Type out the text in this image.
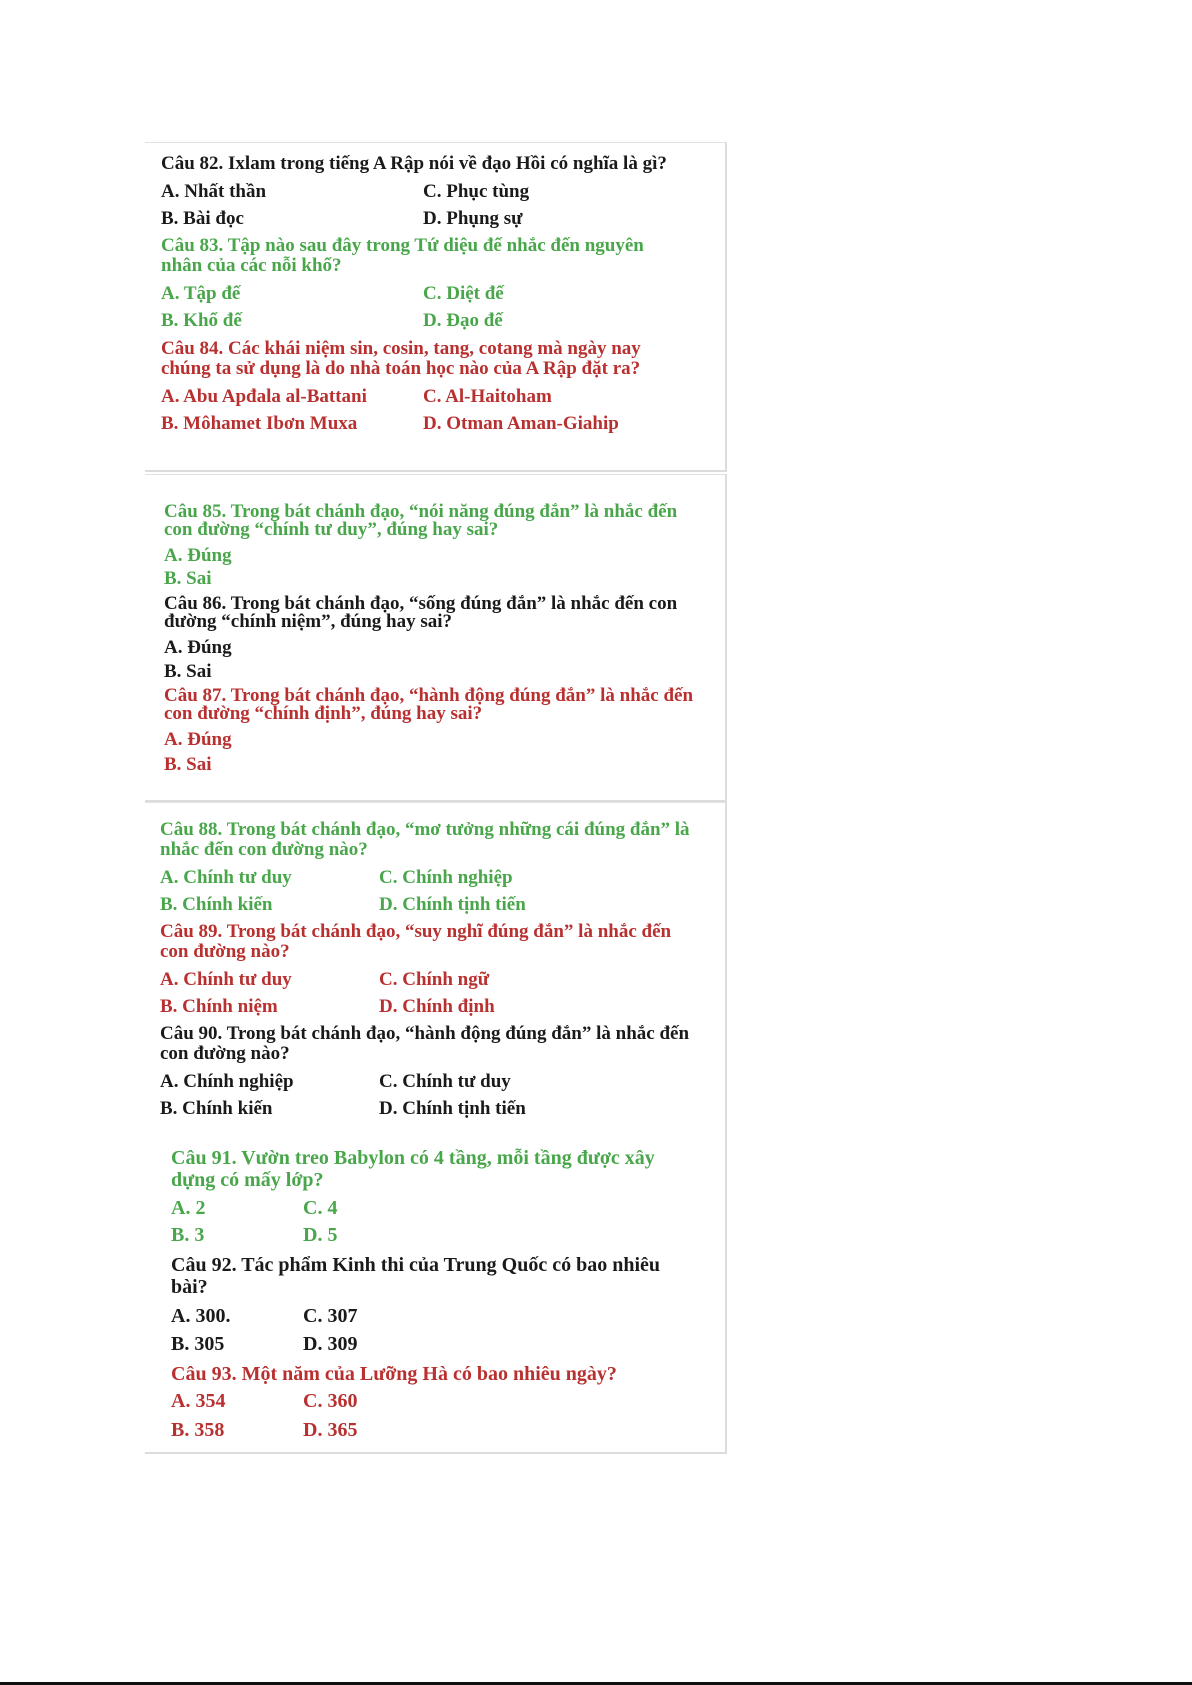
Câu 82. Ixlam trong tiếng A Rập nói về đạo Hồi có nghĩa là gì?
A. Nhất thần	C. Phục tùng
B. Bài đọc	D. Phụng sự
Câu 83. Tập nào sau đây trong Tứ diệu đế nhắc đến nguyên
nhân của các nỗi khổ?
A. Tập đế	C. Diệt đế
B. Khổ đế	D. Đạo đế
Câu 84. Các khái niệm sin, cosin, tang, cotang mà ngày nay
chúng ta sử dụng là do nhà toán học nào của A Rập đặt ra?
A. Abu Apđala al-Battani	C. Al-Haitoham
B. Môhamet Ibơn Muxa	D. Otman Aman-Giahip
Câu 85. Trong bát chánh đạo, “nói năng đúng đắn” là nhắc đến
con đường “chính tư duy”, đúng hay sai?
A. Đúng
B. Sai
Câu 86. Trong bát chánh đạo, “sống đúng đắn” là nhắc đến con
đường “chính niệm”, đúng hay sai?
A. Đúng
B. Sai
Câu 87. Trong bát chánh đạo, “hành động đúng đắn” là nhắc đến
con đường “chính định”, đúng hay sai?
A. Đúng
B. Sai
Câu 88. Trong bát chánh đạo, “mơ tưởng những cái đúng đắn” là
nhắc đến con đường nào?
A. Chính tư duy	C. Chính nghiệp
B. Chính kiến	D. Chính tịnh tiến
Câu 89. Trong bát chánh đạo, “suy nghĩ đúng đắn” là nhắc đến
con đường nào?
A. Chính tư duy	C. Chính ngữ
B. Chính niệm	D. Chính định
Câu 90. Trong bát chánh đạo, “hành động đúng đắn” là nhắc đến
con đường nào?
A. Chính nghiệp	C. Chính tư duy
B. Chính kiến	D. Chính tịnh tiến
Câu 91. Vườn treo Babylon có 4 tầng, mỗi tầng được xây
dựng có mấy lớp?
A. 2	C. 4
B. 3	D. 5
Câu 92. Tác phẩm Kinh thi của Trung Quốc có bao nhiêu
bài?
A. 300.	C. 307
B. 305	D. 309
Câu 93. Một năm của Lưỡng Hà có bao nhiêu ngày?
A. 354	C. 360
B. 358	D. 365
